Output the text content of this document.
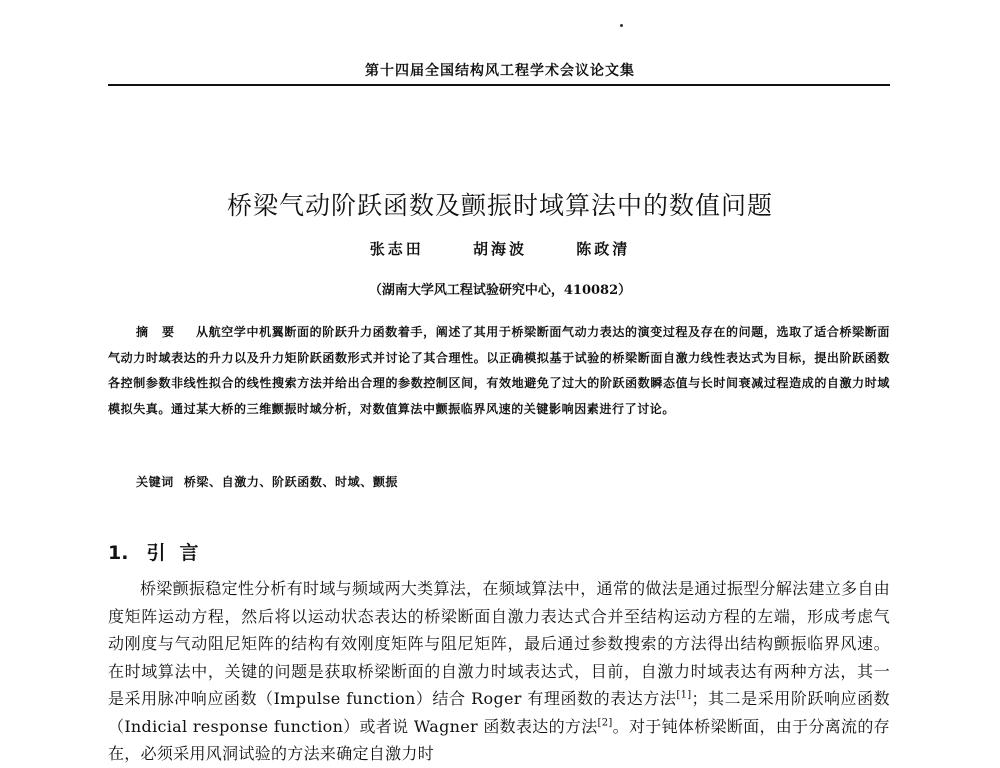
第十四届全国结构风工程学术会议论文集
桥梁气动阶跃函数及颤振时域算法中的数值问题
张志田	胡海波	陈政清
（湖南大学风工程试验研究中心，410082）
摘要 从航空学中机翼断面的阶跃升力函数着手，阐述了其用于桥梁断面气动力表达的演变过程及存在的问题，选取了适合桥梁断面气动力时域表达的升力以及升力矩阶跃函数形式并讨论了其合理性。以正确模拟基于试验的桥梁断面自激力线性表达式为目标，提出阶跃函数各控制参数非线性拟合的线性搜索方法并给出合理的参数控制区间，有效地避免了过大的阶跃函数瞬态值与长时间衰减过程造成的自激力时域模拟失真。通过某大桥的三维颤振时域分析，对数值算法中颤振临界风速的关键影响因素进行了讨论。
关键词 桥梁、自激力、阶跃函数、时域、颤振
1. 引言
桥梁颤振稳定性分析有时域与频域两大类算法，在频域算法中，通常的做法是通过振型分解法建立多自由度矩阵运动方程，然后将以运动状态表达的桥梁断面自激力表达式合并至结构运动方程的左端，形成考虑气动刚度与气动阻尼矩阵的结构有效刚度矩阵与阻尼矩阵，最后通过参数搜索的方法得出结构颤振临界风速。在时域算法中，关键的问题是获取桥梁断面的自激力时域表达式，目前，自激力时域表达有两种方法，其一是采用脉冲响应函数（Impulse function）结合 Roger 有理函数的表达方法[1]；其二是采用阶跃响应函数（Indicial response function）或者说 Wagner 函数表达的方法[2]。对于钝体桥梁断面，由于分离流的存在，必须采用风洞试验的方法来确定自激力时
